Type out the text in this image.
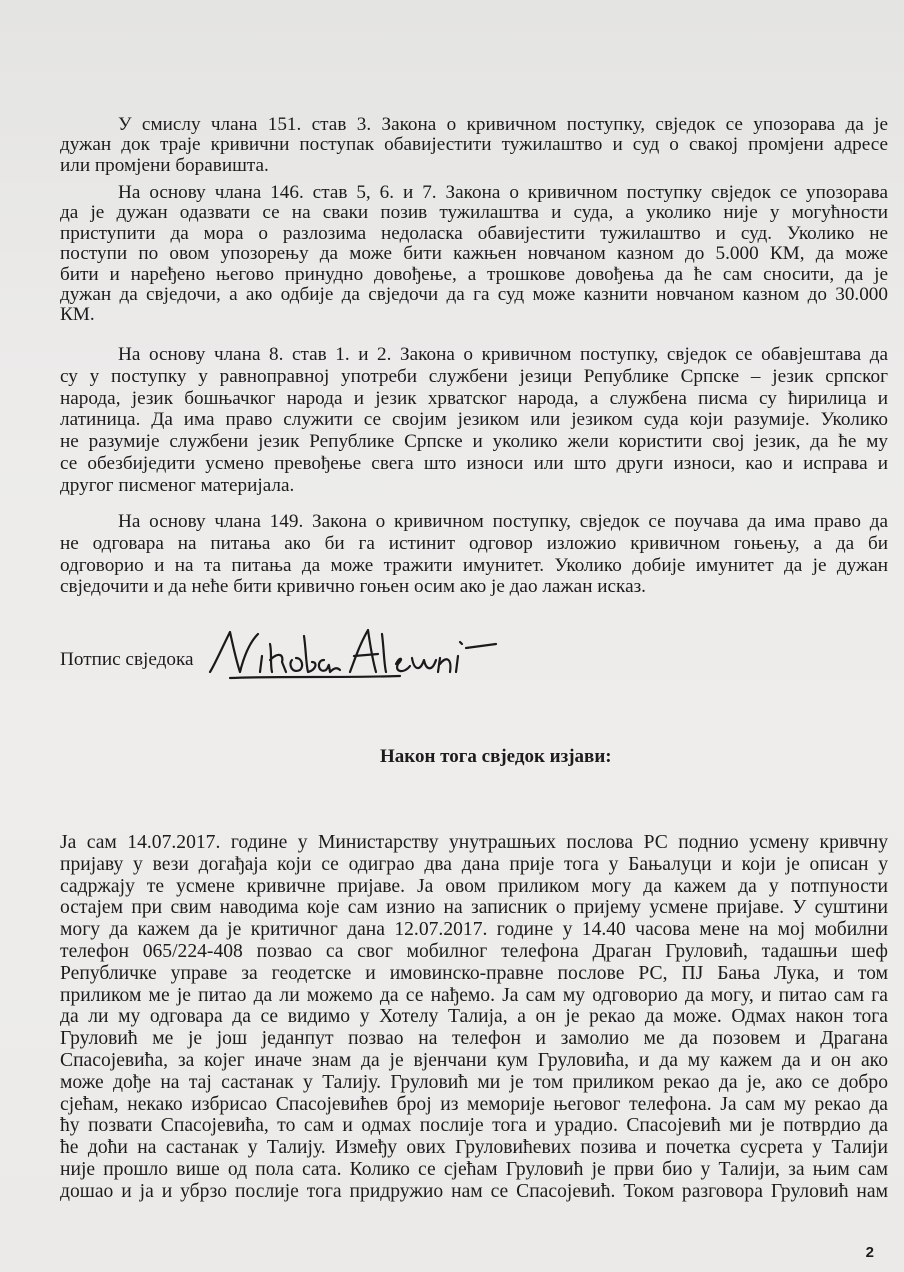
У смислу члана 151. став 3. Закона о кривичном поступку, свједок се упозорава да је
дужан док траје кривични поступак обавијестити тужилаштво и суд о свакој промјени адресе
или промјени боравишта.
На основу члана 146. став 5, 6. и 7. Закона о кривичном поступку свједок се упозорава
да је дужан одазвати се на сваки позив тужилаштва и суда, а уколико није у могућности
приступити да мора о разлозима недоласка обавијестити тужилаштво и суд. Уколико не
поступи по овом упозорењу да може бити кажњен новчаном казном до 5.000 КМ, да може
бити и наређено његово принудно довођење, а трошкове довођења да ће сам сносити, да је
дужан да свједочи, а ако одбије да свједочи да га суд може казнити новчаном казном до 30.000
КМ.
На основу члана 8. став 1. и 2. Закона о кривичном поступку, свједок се обавјештава да
су у поступку у равноправној употреби службени језици Републике Српске – језик српског
народа, језик бошњачког народа и језик хрватског народа, а службена писма су ћирилица и
латиница. Да има право служити се својим језиком или језиком суда који разумије. Уколико
не разумије службени језик Републике Српске и уколико жели користити свој језик, да ће му
се обезбиједити усмено превођење свега што износи или што други износи, као и исправа и
другог писменог материјала.
На основу члана 149. Закона о кривичном поступку, свједок се поучава да има право да
не одговара на питања ако би га истинит одговор изложио кривичном гоњењу, а да би
одговорио и на та питања да може тражити имунитет. Уколико добије имунитет да је дужан
свједочити и да неће бити кривично гоњен осим ако је дао лажан исказ.
Потпис свједока
Након тога свједок изјави:
Ја сам 14.07.2017. године у Министарству унутрашњих послова РС поднио усмену кривчну
пријаву у вези догађаја који се одиграо два дана прије тога у Бањалуци и који је описан у
садржају те усмене кривичне пријаве. Ја овом приликом могу да кажем да у потпуности
остајем при свим наводима које сам изнио на записник о пријему усмене пријаве. У суштини
могу да кажем да је критичног дана 12.07.2017. године у 14.40 часова мене на мој мобилни
телефон 065/224-408 позвао са свог мобилног телефона Драган Груловић, тадашњи шеф
Републичке управе за геодетске и имовинско-правне послове РС, ПЈ Бања Лука, и том
приликом ме је питао да ли можемо да се нађемо. Ја сам му одговорио да могу, и питао сам га
да ли му одговара да се видимо у Хотелу Талија, а он је рекао да може. Одмах након тога
Груловић ме је још једанпут позвао на телефон и замолио ме да позовем и Драгана
Спасојевића, за којег иначе знам да је вјенчани кум Груловића, и да му кажем да и он ако
може дође на тај састанак у Талију. Груловић ми је том приликом рекао да је, ако се добро
сјећам, некако избрисао Спасојевићев број из меморије његовог телефона. Ја сам му рекао да
ћу позвати Спасојевића, то сам и одмах послије тога и урадио. Спасојевић ми је потврдио да
ће доћи на састанак у Талију. Између ових Груловићевих позива и почетка сусрета у Талији
није прошло више од пола сата. Колико се сјећам Груловић је први био у Талији, за њим сам
дошао и ја и убрзо послије тога придружио нам се Спасојевић. Током разговора Груловић нам
2
